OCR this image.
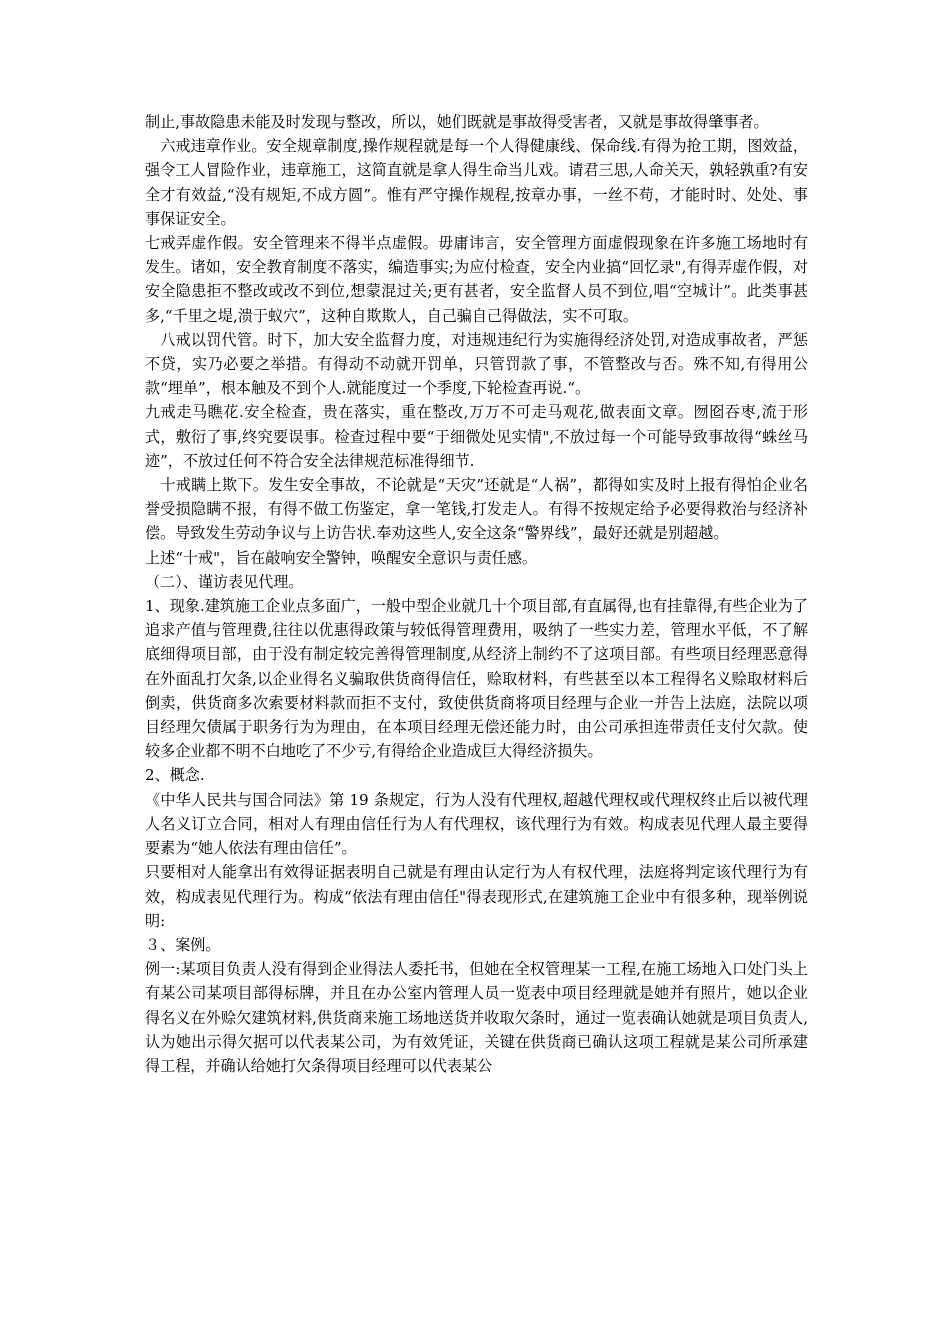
制止,事故隐患未能及时发现与整改，所以，她们既就是事故得受害者，又就是事故得肇事者。

　六戒违章作业。安全规章制度,操作规程就是每一个人得健康线、保命线.有得为抢工期，图效益，强令工人冒险作业，违章施工，这简直就是拿人得生命当儿戏。请君三思,人命关天，孰轻孰重?有安全才有效益,“没有规矩,不成方圆”。惟有严守操作规程,按章办事，一丝不苟，才能时时、处处、事事保证安全。

七戒弄虚作假。安全管理来不得半点虚假。毋庸讳言，安全管理方面虚假现象在许多施工场地时有发生。诸如，安全教育制度不落实，编造事实;为应付检查，安全内业搞“回忆录",有得弄虚作假，对安全隐患拒不整改或改不到位,想蒙混过关;更有甚者，安全监督人员不到位,唱“空城计”。此类事甚多,“千里之堤,溃于蚁穴”，这种自欺欺人，自己骗自己得做法，实不可取。

　八戒以罚代管。时下，加大安全监督力度，对违规违纪行为实施得经济处罚,对造成事故者，严惩不贷，实乃必要之举措。有得动不动就开罚单，只管罚款了事，不管整改与否。殊不知,有得用公款“埋单”，根本触及不到个人.就能度过一个季度,下轮检查再说.“。

九戒走马瞧花.安全检查，贵在落实，重在整改,万万不可走马观花,做表面文章。囫囵吞枣,流于形式，敷衍了事,终究要误事。检查过程中要“于细微处见实情",不放过每一个可能导致事故得“蛛丝马迹”，不放过任何不符合安全法律规范标准得细节.

　十戒瞒上欺下。发生安全事故，不论就是“天灾”还就是“人祸”，都得如实及时上报有得怕企业名誉受损隐瞒不报，有得不做工伤鉴定，拿一笔钱,打发走人。有得不按规定给予必要得救治与经济补偿。导致发生劳动争议与上访告状.奉劝这些人,安全这条“警界线”，最好还就是别超越。

上述“十戒"，旨在敲响安全警钟，唤醒安全意识与责任感。

（二）、谨访表见代理。

1、现象.建筑施工企业点多面广，一般中型企业就几十个项目部,有直属得,也有挂靠得,有些企业为了追求产值与管理费,往往以优惠得政策与较低得管理费用，吸纳了一些实力差，管理水平低，不了解底细得项目部，由于没有制定较完善得管理制度,从经济上制约不了这项目部。有些项目经理恶意得在外面乱打欠条,以企业得名义骗取供货商得信任，赊取材料，有些甚至以本工程得名义赊取材料后倒卖，供货商多次索要材料款而拒不支付，致使供货商将项目经理与企业一并告上法庭，法院以项目经理欠债属于职务行为为理由，在本项目经理无偿还能力时，由公司承担连带责任支付欠款。使较多企业都不明不白地吃了不少亏,有得给企业造成巨大得经济损失。

2、概念.

《中华人民共与国合同法》第 19 条规定，行为人没有代理权,超越代理权或代理权终止后以被代理人名义订立合同，相对人有理由信任行为人有代理权，该代理行为有效。构成表见代理人最主要得要素为“她人依法有理由信任”。

只要相对人能拿出有效得证据表明自己就是有理由认定行为人有权代理，法庭将判定该代理行为有效，构成表见代理行为。构成“依法有理由信任"得表现形式,在建筑施工企业中有很多种，现举例说明:

３、案例。

例一:某项目负责人没有得到企业得法人委托书，但她在全权管理某一工程,在施工场地入口处门头上有某公司某项目部得标牌，并且在办公室内管理人员一览表中项目经理就是她并有照片，她以企业得名义在外赊欠建筑材料,供货商来施工场地送货并收取欠条时，通过一览表确认她就是项目负责人,认为她出示得欠据可以代表某公司，为有效凭证，关键在供货商已确认这项工程就是某公司所承建得工程，并确认给她打欠条得项目经理可以代表某公
